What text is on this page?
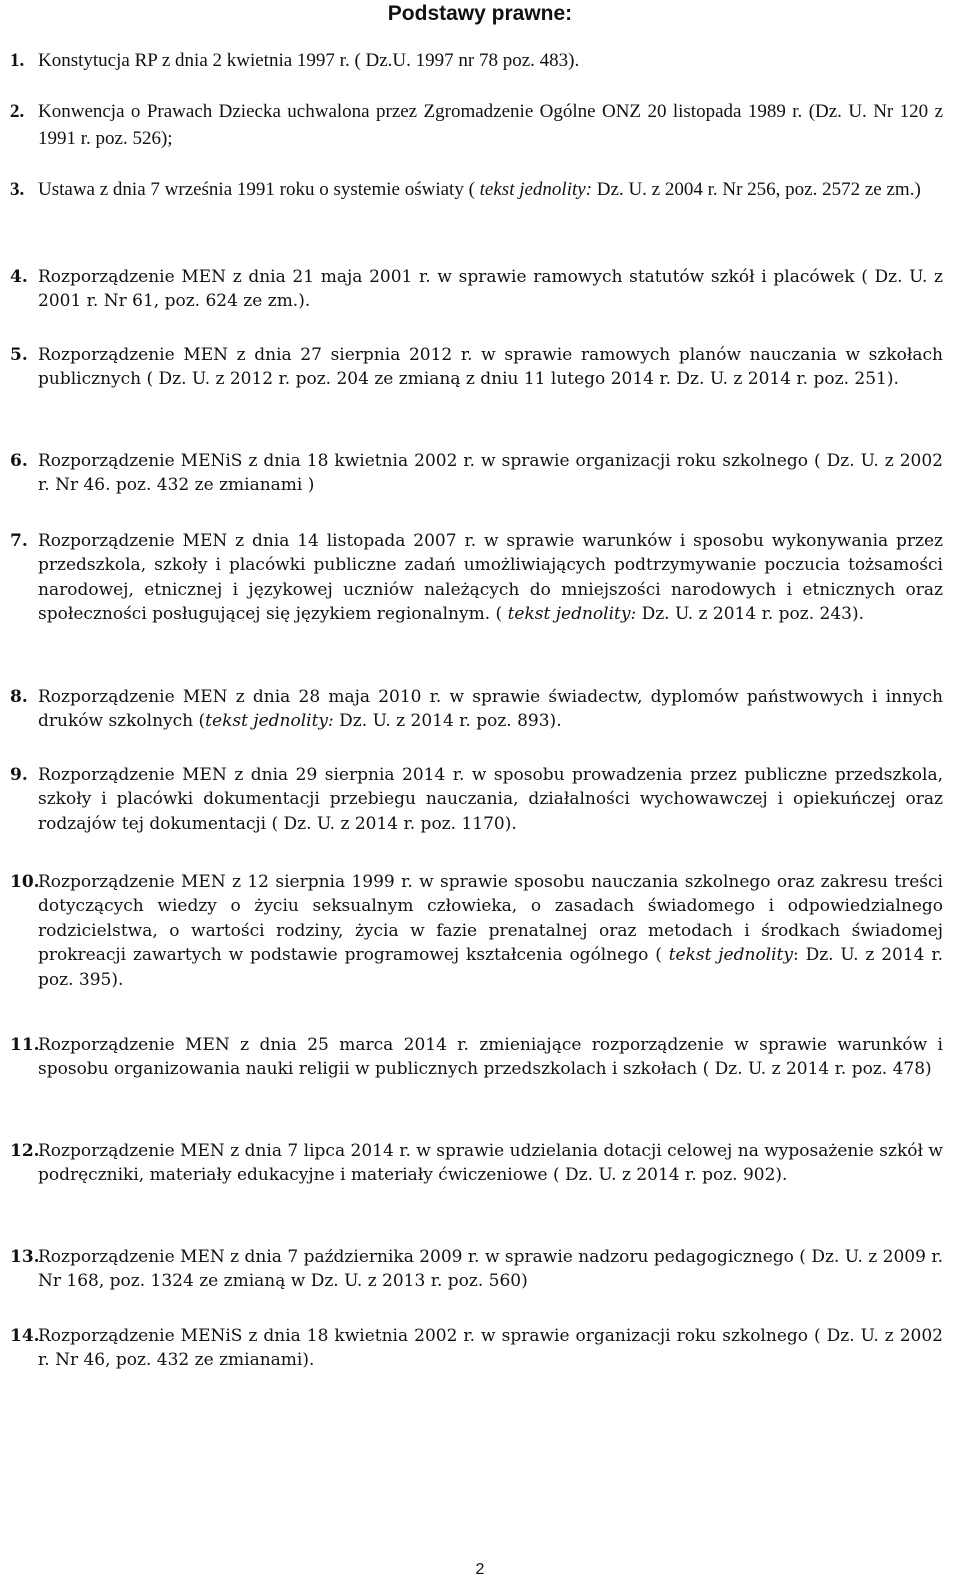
Podstawy prawne:
1. Konstytucja RP z dnia 2 kwietnia 1997 r. ( Dz.U. 1997 nr 78 poz. 483).
2. Konwencja o Prawach Dziecka uchwalona przez Zgromadzenie Ogólne ONZ 20 listopada 1989 r. (Dz. U. Nr 120 z 1991 r. poz. 526);
3. Ustawa z dnia 7 września 1991 roku o systemie oświaty ( tekst jednolity: Dz. U. z 2004 r. Nr 256, poz. 2572 ze zm.)
4. Rozporządzenie MEN z dnia 21 maja 2001 r. w sprawie ramowych statutów szkół i placówek ( Dz. U. z 2001 r. Nr 61, poz. 624 ze zm.).
5. Rozporządzenie MEN z dnia 27 sierpnia 2012 r. w sprawie ramowych planów nauczania w szkołach publicznych ( Dz. U. z 2012 r. poz. 204 ze zmianą z dniu 11 lutego 2014 r. Dz. U. z 2014 r. poz. 251).
6. Rozporządzenie MENiS z dnia 18 kwietnia 2002 r. w sprawie organizacji roku szkolnego ( Dz. U. z 2002 r. Nr 46. poz. 432 ze zmianami )
7. Rozporządzenie MEN z dnia 14 listopada 2007 r. w sprawie warunków i sposobu wykonywania przez przedszkola, szkoły i placówki publiczne zadań umożliwiających podtrzymywanie poczucia tożsamości narodowej, etnicznej i językowej uczniów należących do mniejszości narodowych i etnicznych oraz społeczności posługującej się językiem regionalnym. ( tekst jednolity: Dz. U. z 2014 r. poz. 243).
8. Rozporządzenie MEN z dnia 28 maja 2010 r. w sprawie świadectw, dyplomów państwowych i innych druków szkolnych (tekst jednolity: Dz. U. z 2014 r. poz. 893).
9. Rozporządzenie MEN z dnia 29 sierpnia 2014 r. w sposobu prowadzenia przez publiczne przedszkola, szkoły i placówki dokumentacji przebiegu nauczania, działalności wychowawczej i opiekuńczej oraz rodzajów tej dokumentacji ( Dz. U. z 2014 r. poz. 1170).
10.
Rozporządzenie MEN z 12 sierpnia 1999 r. w sprawie sposobu nauczania szkolnego oraz zakresu treści dotyczących wiedzy o życiu seksualnym człowieka, o zasadach świadomego i odpowiedzialnego rodzicielstwa, o wartości rodziny, życia w fazie prenatalnej oraz metodach i środkach świadomej prokreacji zawartych w podstawie programowej kształcenia ogólnego ( tekst jednolity: Dz. U. z 2014 r. poz. 395).
11.
Rozporządzenie MEN z dnia 25 marca 2014 r. zmieniające rozporządzenie w sprawie warunków i sposobu organizowania nauki religii w publicznych przedszkolach i szkołach ( Dz. U. z 2014 r. poz. 478)
12.
Rozporządzenie MEN z dnia 7 lipca 2014 r. w sprawie udzielania dotacji celowej na wyposażenie szkół w podręczniki, materiały edukacyjne i materiały ćwiczeniowe ( Dz. U. z 2014 r. poz. 902).
13.
Rozporządzenie MEN z dnia 7 października 2009 r. w sprawie nadzoru pedagogicznego ( Dz. U. z 2009 r. Nr 168, poz. 1324 ze zmianą w Dz. U. z 2013 r. poz. 560)
14.
Rozporządzenie MENiS z dnia 18 kwietnia 2002 r. w sprawie organizacji roku szkolnego ( Dz. U. z 2002 r. Nr 46, poz. 432 ze zmianami).
2
